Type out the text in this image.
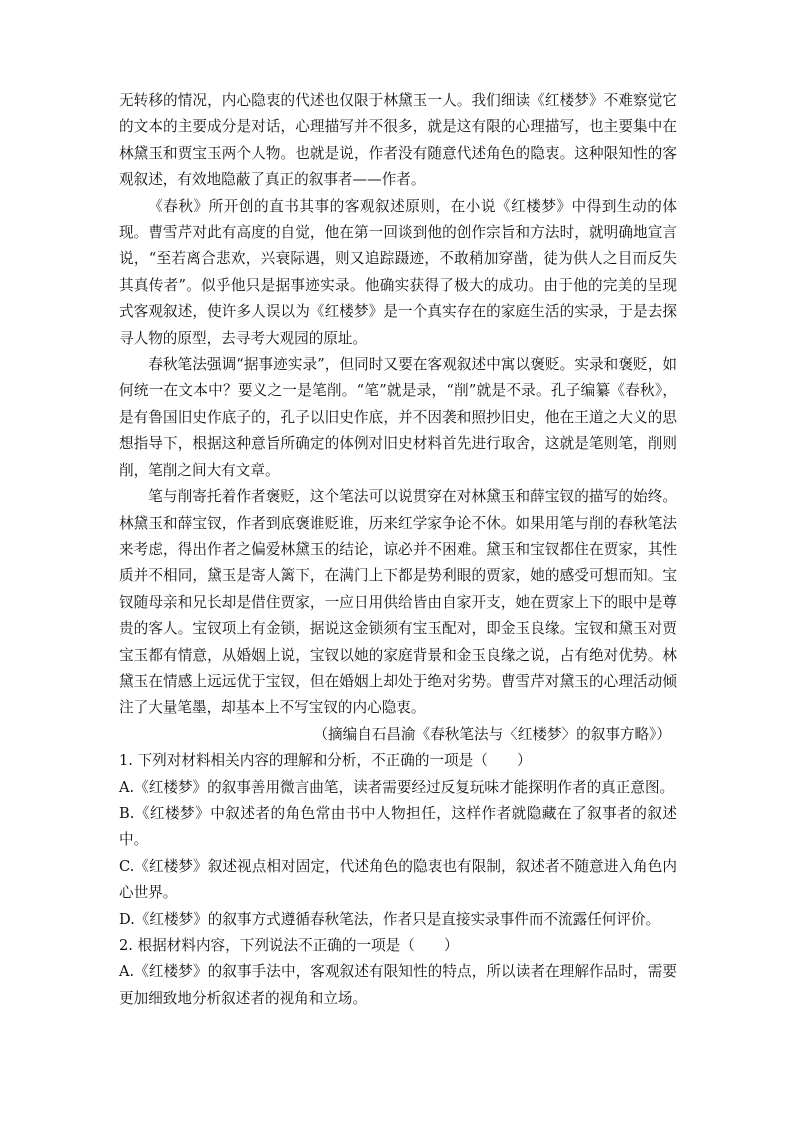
无转移的情况，内心隐衷的代述也仅限于林黛玉一人。我们细读《红楼梦》不难察觉它的文本的主要成分是对话，心理描写并不很多，就是这有限的心理描写，也主要集中在林黛玉和贾宝玉两个人物。也就是说，作者没有随意代述角色的隐衷。这种限知性的客观叙述，有效地隐蔽了真正的叙事者——作者。

《春秋》所开创的直书其事的客观叙述原则，在小说《红楼梦》中得到生动的体现。曹雪芹对此有高度的自觉，他在第一回谈到他的创作宗旨和方法时，就明确地宣言说，“至若离合悲欢，兴衰际遇，则又追踪蹑迹，不敢稍加穿凿，徒为供人之目而反失其真传者”。似乎他只是据事迹实录。他确实获得了极大的成功。由于他的完美的呈现式客观叙述，使许多人误以为《红楼梦》是一个真实存在的家庭生活的实录，于是去探寻人物的原型，去寻考大观园的原址。

春秋笔法强调“据事迹实录”，但同时又要在客观叙述中寓以褒贬。实录和褒贬，如何统一在文本中？要义之一是笔削。“笔”就是录，“削”就是不录。孔子编纂《春秋》，是有鲁国旧史作底子的，孔子以旧史作底，并不因袭和照抄旧史，他在王道之大义的思想指导下，根据这种意旨所确定的体例对旧史材料首先进行取舍，这就是笔则笔，削则削，笔削之间大有文章。

笔与削寄托着作者褒贬，这个笔法可以说贯穿在对林黛玉和薛宝钗的描写的始终。林黛玉和薛宝钗，作者到底褒谁贬谁，历来红学家争论不休。如果用笔与削的春秋笔法来考虑，得出作者之偏爱林黛玉的结论，谅必并不困难。黛玉和宝钗都住在贾家，其性质并不相同，黛玉是寄人篱下，在满门上下都是势利眼的贾家，她的感受可想而知。宝钗随母亲和兄长却是借住贾家，一应日用供给皆由自家开支，她在贾家上下的眼中是尊贵的客人。宝钗项上有金锁，据说这金锁须有宝玉配对，即金玉良缘。宝钗和黛玉对贾宝玉都有情意，从婚姻上说，宝钗以她的家庭背景和金玉良缘之说，占有绝对优势。林黛玉在情感上远远优于宝钗，但在婚姻上却处于绝对劣势。曹雪芹对黛玉的心理活动倾注了大量笔墨，却基本上不写宝钗的内心隐衷。

（摘编自石昌渝《春秋笔法与〈红楼梦〉的叙事方略》）

1. 下列对材料相关内容的理解和分析，不正确的一项是（　　）

A.《红楼梦》的叙事善用微言曲笔，读者需要经过反复玩味才能探明作者的真正意图。

B.《红楼梦》中叙述者的角色常由书中人物担任，这样作者就隐藏在了叙事者的叙述中。

C.《红楼梦》叙述视点相对固定，代述角色的隐衷也有限制，叙述者不随意进入角色内心世界。

D.《红楼梦》的叙事方式遵循春秋笔法，作者只是直接实录事件而不流露任何评价。

2. 根据材料内容，下列说法不正确的一项是（　　）

A.《红楼梦》的叙事手法中，客观叙述有限知性的特点，所以读者在理解作品时，需要更加细致地分析叙述者的视角和立场。
